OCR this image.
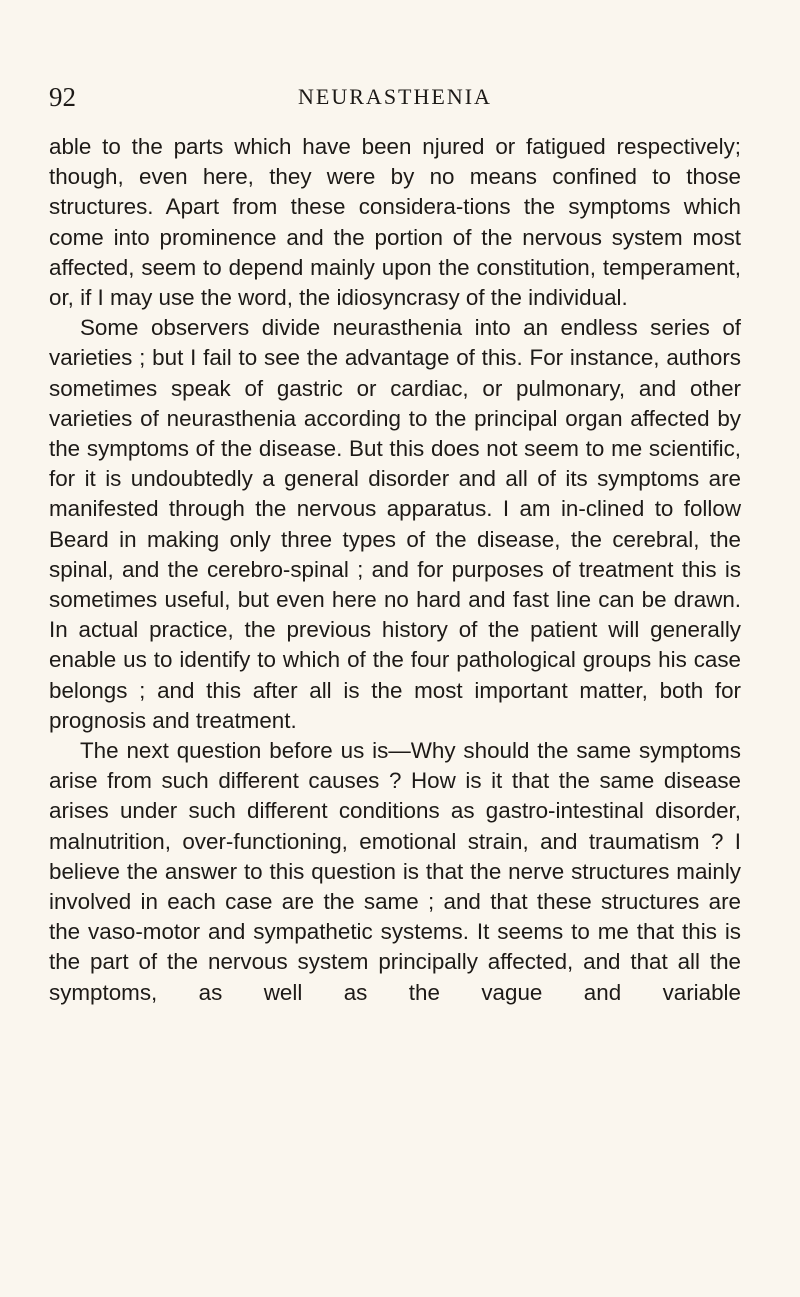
92	NEURASTHENIA

able to the parts which have been njured or fatigued respectively; though, even here, they were by no means confined to those structures. Apart from these considera-tions the symptoms which come into prominence and the portion of the nervous system most affected, seem to depend mainly upon the constitution, temperament, or, if I may use the word, the idiosyncrasy of the individual.

Some observers divide neurasthenia into an endless series of varieties ; but I fail to see the advantage of this. For instance, authors sometimes speak of gastric or cardiac, or pulmonary, and other varieties of neurasthenia according to the principal organ affected by the symptoms of the disease. But this does not seem to me scientific, for it is undoubtedly a general disorder and all of its symptoms are manifested through the nervous apparatus. I am in-clined to follow Beard in making only three types of the disease, the cerebral, the spinal, and the cerebro-spinal ; and for purposes of treatment this is sometimes useful, but even here no hard and fast line can be drawn. In actual practice, the previous history of the patient will generally enable us to identify to which of the four pathological groups his case belongs ; and this after all is the most important matter, both for prognosis and treatment.

The next question before us is—Why should the same symptoms arise from such different causes ? How is it that the same disease arises under such different conditions as gastro-intestinal disorder, malnutrition, over-functioning, emotional strain, and traumatism ? I believe the answer to this question is that the nerve structures mainly involved in each case are the same ; and that these structures are the vaso-motor and sympathetic systems. It seems to me that this is the part of the nervous system principally affected, and that all the symptoms, as well as the vague and variable
